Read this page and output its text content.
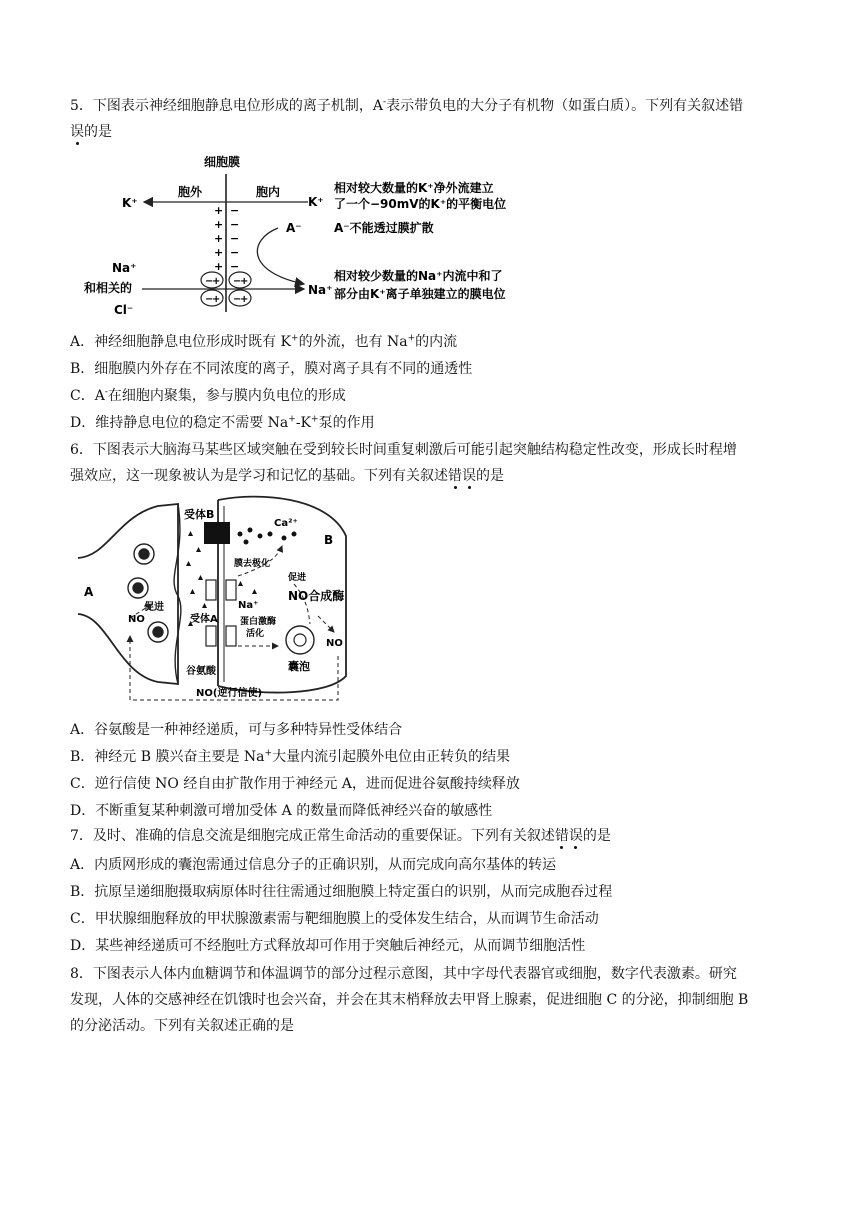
5．下图表示神经细胞静息电位形成的离子机制，A-表示带负电的大分子有机物（如蛋白质）。下列有关叙述错
误的是
细胞膜
胞外	胞内
K⁺	K⁺
相对较大数量的K⁺净外流建立
了一个−90mV的K⁺的平衡电位
+ −
+ −
+ −
+ −
+ −
A⁻	A⁻不能透过膜扩散
Na⁺
和相关的
Cl⁻
−
+ −
+
−
+ −
+
Na⁺
相对较少数量的Na⁺内流中和了
部分由K⁺离子单独建立的膜电位
A．神经细胞静息电位形成时既有 K+的外流，也有 Na+的内流
B．细胞膜内外存在不同浓度的离子，膜对离子具有不同的通透性
C．A-在细胞内聚集，参与膜内负电位的形成
D．维持静息电位的稳定不需要 Na+-K+泵的作用
6．下图表示大脑海马某些区域突触在受到较长时间重复刺激后可能引起突触结构稳定性改变，形成长时程增
强效应，这一现象被认为是学习和记忆的基础。下列有关叙述错误的是
A
B
受体B
Ca²⁺
膜去极化
促进
NO合成酶
Na⁺
蛋白激酶
活化
促进
NO	受体A
囊泡
NO
谷氨酸
NO(逆行信使)
A．谷氨酸是一种神经递质，可与多种特异性受体结合
B．神经元 B 膜兴奋主要是 Na+大量内流引起膜外电位由正转负的结果
C．逆行信使 NO 经自由扩散作用于神经元 A，进而促进谷氨酸持续释放
D．不断重复某种刺激可增加受体 A 的数量而降低神经兴奋的敏感性
7．及时、准确的信息交流是细胞完成正常生命活动的重要保证。下列有关叙述错误的是
A．内质网形成的囊泡需通过信息分子的正确识别，从而完成向高尔基体的转运
B．抗原呈递细胞摄取病原体时往往需通过细胞膜上特定蛋白的识别，从而完成胞吞过程
C．甲状腺细胞释放的甲状腺激素需与靶细胞膜上的受体发生结合，从而调节生命活动
D．某些神经递质可不经胞吐方式释放却可作用于突触后神经元，从而调节细胞活性
8．下图表示人体内血糖调节和体温调节的部分过程示意图，其中字母代表器官或细胞，数字代表激素。研究
发现，人体的交感神经在饥饿时也会兴奋，并会在其末梢释放去甲肾上腺素，促进细胞 C 的分泌，抑制细胞 B
的分泌活动。下列有关叙述正确的是
